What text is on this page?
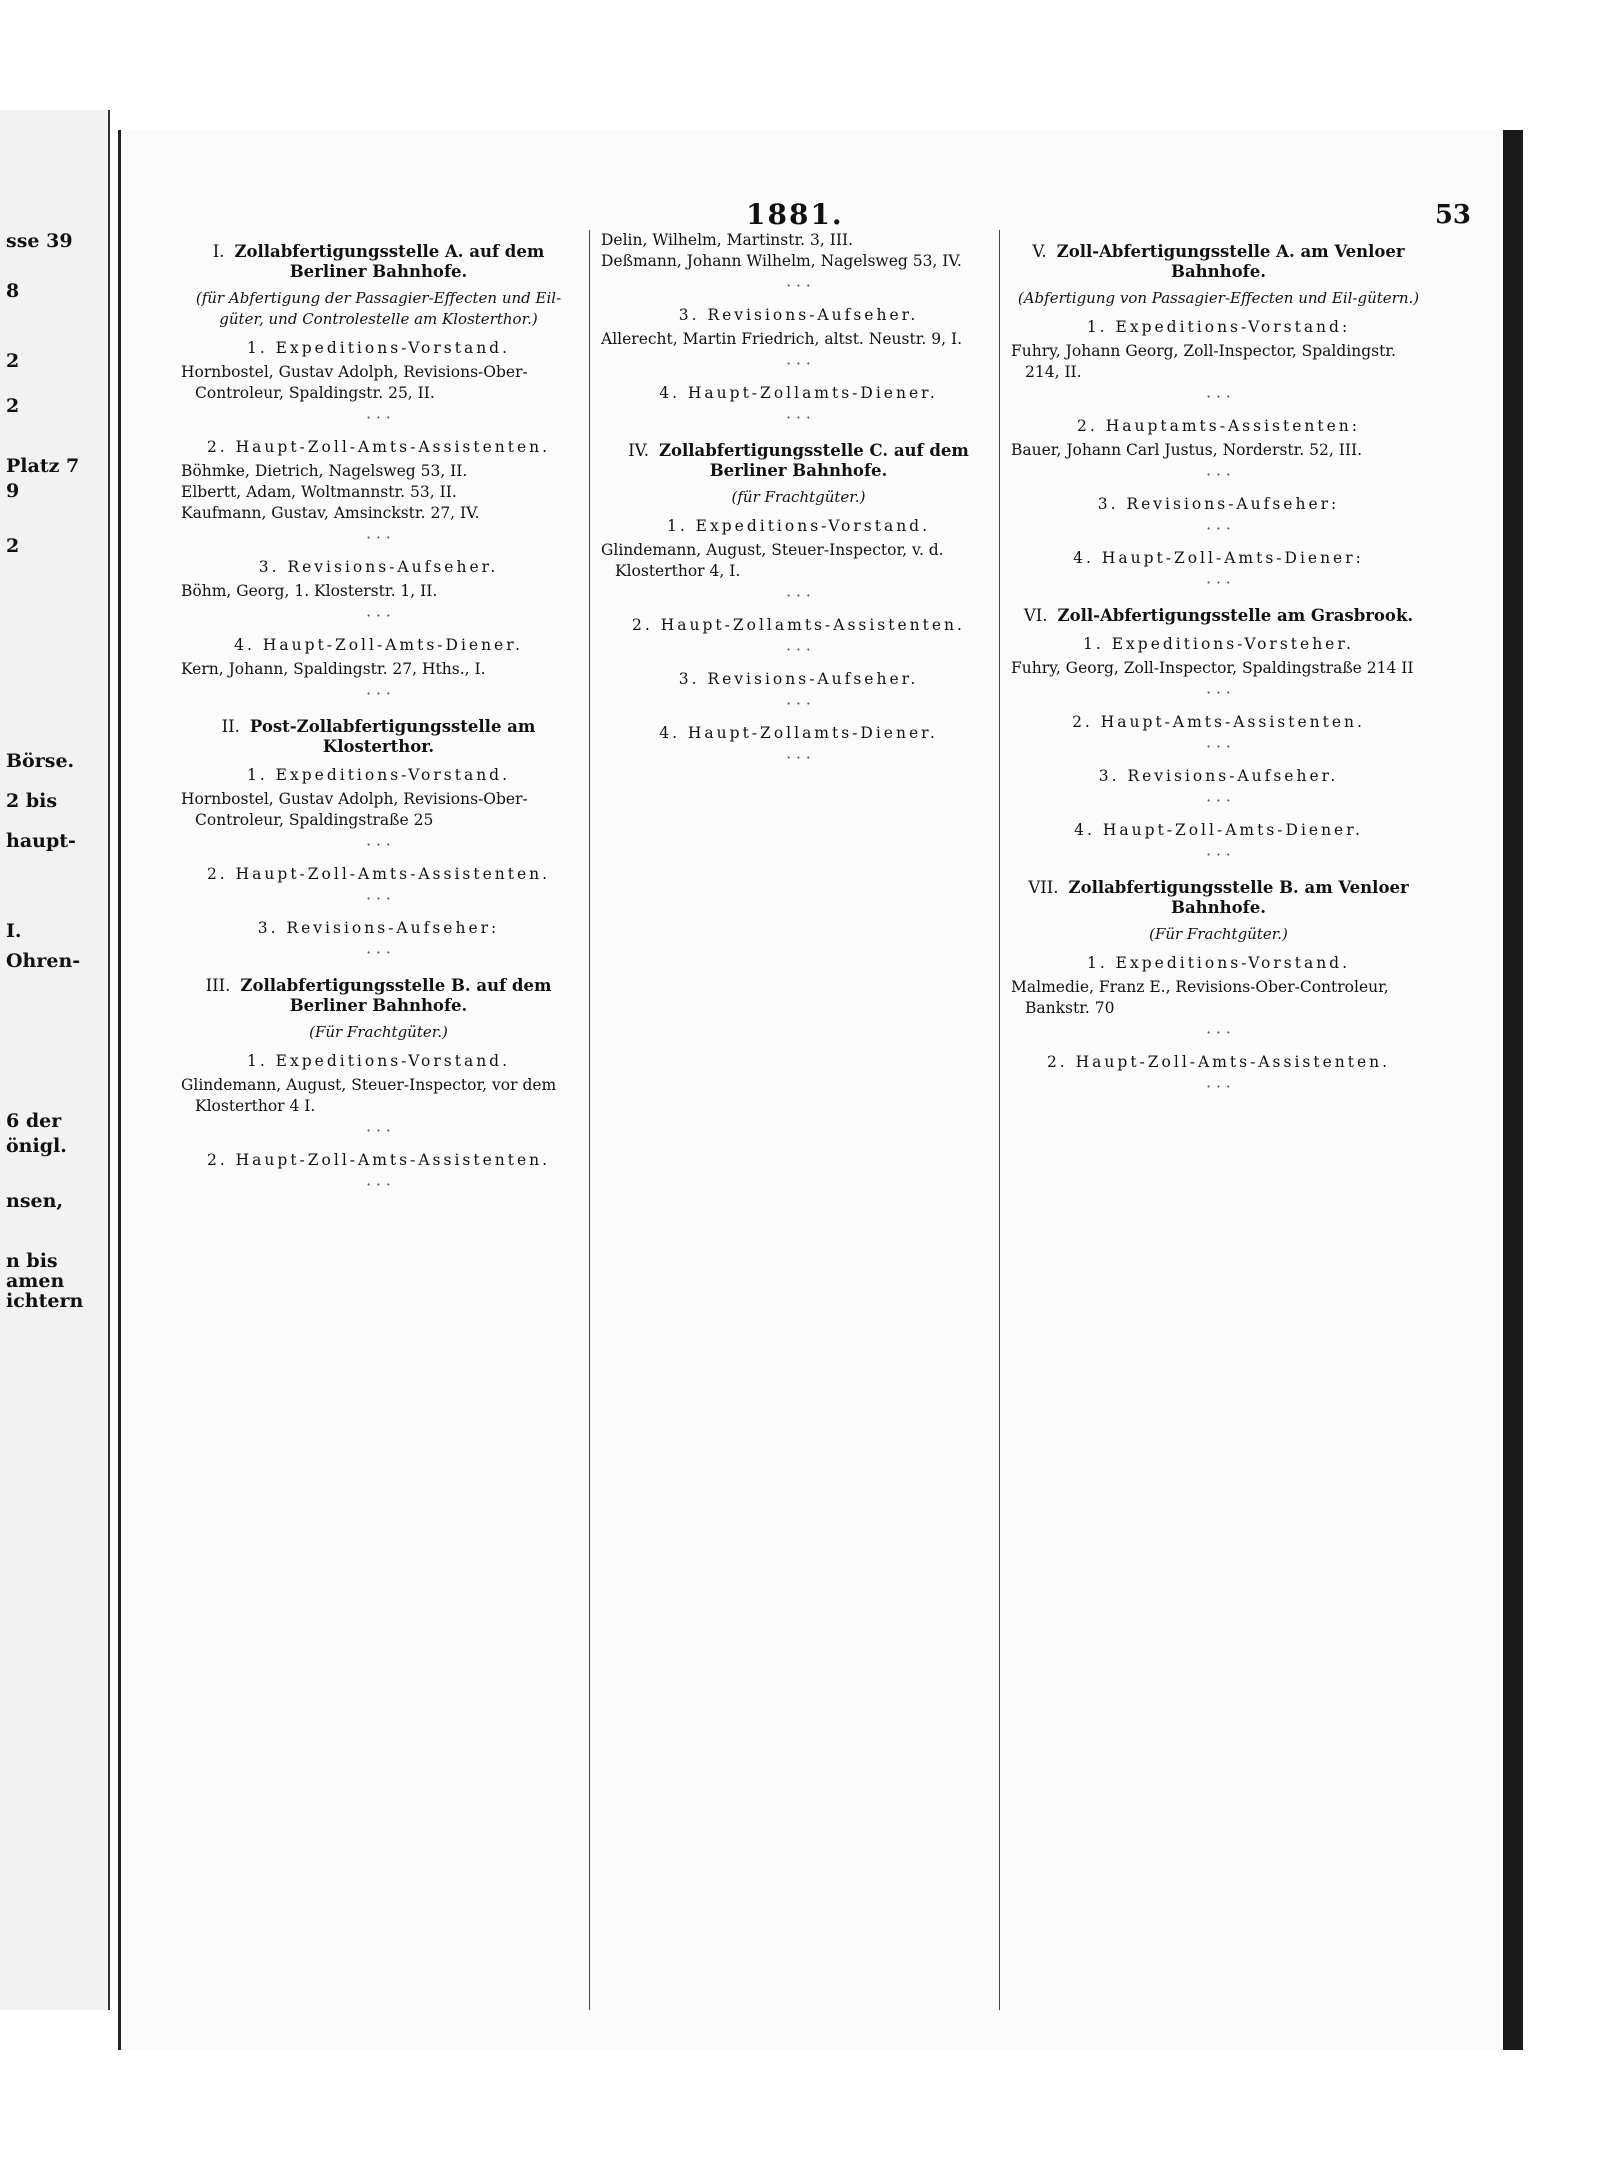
sse 39
8
2
2
Platz 7
9
2
Börse.
2 bis
haupt-
I.
Ohren-
6 der
önigl.
nsen,
n bis
amen
ichtern
1881.	53
I. Zollabfertigungsstelle A. auf dem Berliner Bahnhofe.
(für Abfertigung der Passagier-Effecten und Eil-güter, und Controlestelle am Klosterthor.)
1. Expeditions-Vorstand.

Hornbostel, Gustav Adolph, Revisions-Ober-Controleur, Spaldingstr. 25, II.

· · ·
2. Haupt-Zoll-Amts-Assistenten.

Böhmke, Dietrich, Nagelsweg 53, II.

Elbertt, Adam, Woltmannstr. 53, II.

Kaufmann, Gustav, Amsinckstr. 27, IV.

· · ·
3. Revisions-Aufseher.

Böhm, Georg, 1. Klosterstr. 1, II.

· · ·
4. Haupt-Zoll-Amts-Diener.

Kern, Johann, Spaldingstr. 27, Hths., I.

· · ·
II. Post-Zollabfertigungsstelle am Klosterthor.
1. Expeditions-Vorstand.

Hornbostel, Gustav Adolph, Revisions-Ober-Controleur, Spaldingstraße 25

· · ·
2. Haupt-Zoll-Amts-Assistenten.
· · ·
3. Revisions-Aufseher:
· · ·
III. Zollabfertigungsstelle B. auf dem Berliner Bahnhofe.
(Für Frachtgüter.)
1. Expeditions-Vorstand.

Glindemann, August, Steuer-Inspector, vor dem Klosterthor 4 I.

· · ·
2. Haupt-Zoll-Amts-Assistenten.
· · ·

Delin, Wilhelm, Martinstr. 3, III.

Deßmann, Johann Wilhelm, Nagelsweg 53, IV.

· · ·
3. Revisions-Aufseher.

Allerecht, Martin Friedrich, altst. Neustr. 9, I.

· · ·
4. Haupt-Zollamts-Diener.
· · ·
IV. Zollabfertigungsstelle C. auf dem Berliner Bahnhofe.
(für Frachtgüter.)
1. Expeditions-Vorstand.

Glindemann, August, Steuer-Inspector, v. d. Klosterthor 4, I.

· · ·
2. Haupt-Zollamts-Assistenten.
· · ·
3. Revisions-Aufseher.
· · ·
4. Haupt-Zollamts-Diener.
· · ·
V. Zoll-Abfertigungsstelle A. am Venloer Bahnhofe.
(Abfertigung von Passagier-Effecten und Eil-gütern.)
1. Expeditions-Vorstand:

Fuhry, Johann Georg, Zoll-Inspector, Spaldingstr. 214, II.

· · ·
2. Hauptamts-Assistenten:

Bauer, Johann Carl Justus, Norderstr. 52, III.

· · ·
3. Revisions-Aufseher:
· · ·
4. Haupt-Zoll-Amts-Diener:
· · ·
VI. Zoll-Abfertigungsstelle am Grasbrook.
1. Expeditions-Vorsteher.

Fuhry, Georg, Zoll-Inspector, Spaldingstraße 214 II

· · ·
2. Haupt-Amts-Assistenten.
· · ·
3. Revisions-Aufseher.
· · ·
4. Haupt-Zoll-Amts-Diener.
· · ·
VII. Zollabfertigungsstelle B. am Venloer Bahnhofe.
(Für Frachtgüter.)
1. Expeditions-Vorstand.

Malmedie, Franz E., Revisions-Ober-Controleur, Bankstr. 70

· · ·
2. Haupt-Zoll-Amts-Assistenten.
· · ·
